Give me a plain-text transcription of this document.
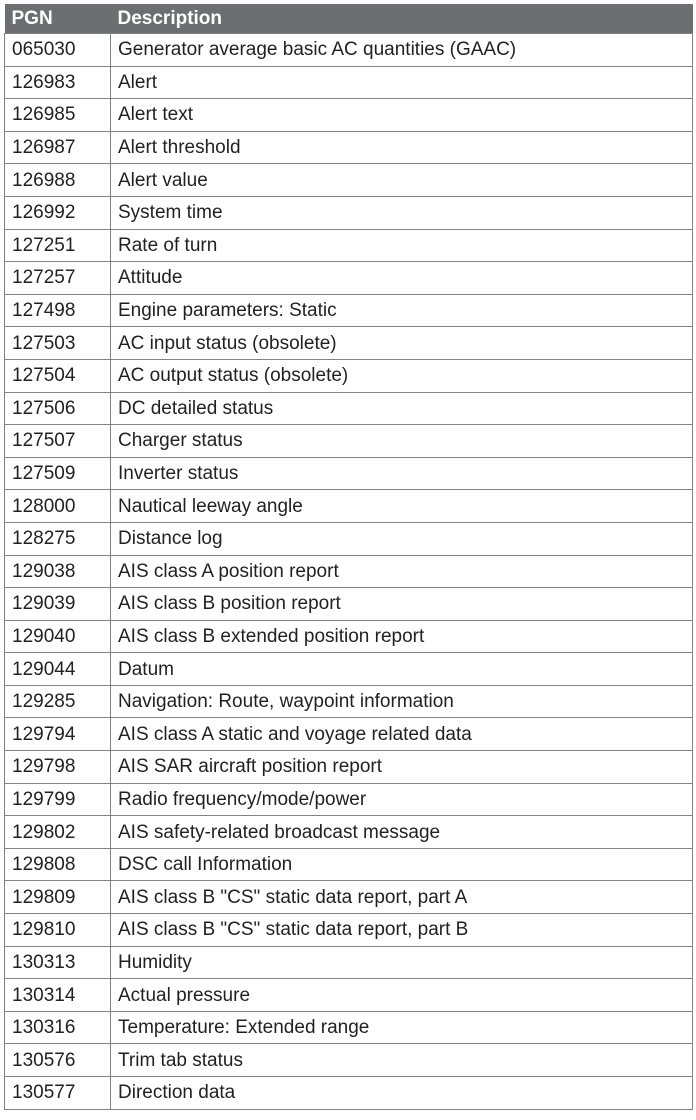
PGN	Description
065030	Generator average basic AC quantities (GAAC)
126983	Alert
126985	Alert text
126987	Alert threshold
126988	Alert value
126992	System time
127251	Rate of turn
127257	Attitude
127498	Engine parameters: Static
127503	AC input status (obsolete)
127504	AC output status (obsolete)
127506	DC detailed status
127507	Charger status
127509	Inverter status
128000	Nautical leeway angle
128275	Distance log
129038	AIS class A position report
129039	AIS class B position report
129040	AIS class B extended position report
129044	Datum
129285	Navigation: Route, waypoint information
129794	AIS class A static and voyage related data
129798	AIS SAR aircraft position report
129799	Radio frequency/mode/power
129802	AIS safety-related broadcast message
129808	DSC call Information
129809	AIS class B "CS" static data report, part A
129810	AIS class B "CS" static data report, part B
130313	Humidity
130314	Actual pressure
130316	Temperature: Extended range
130576	Trim tab status
130577	Direction data
